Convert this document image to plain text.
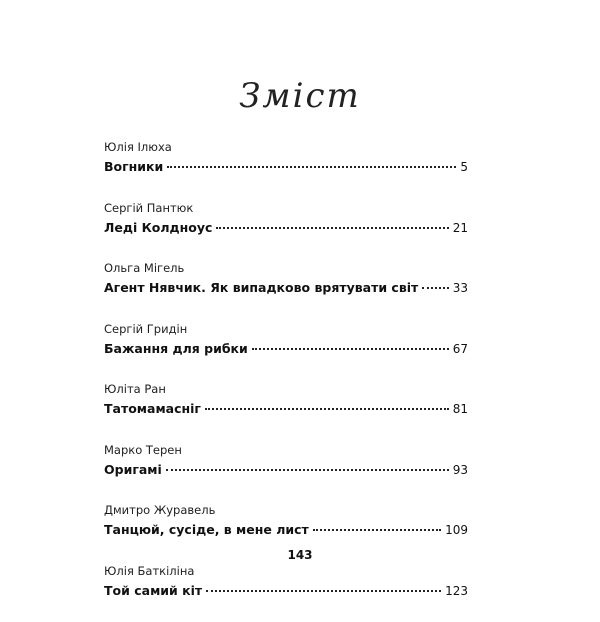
Зміст
Юлія Ілюха
Вогники	5
Сергій Пантюк
Леді Колдноус	21
Ольга Мігель
Агент Нявчик. Як випадково врятувати світ	33
Сергій Гридін
Бажання для рибки	67
Юліта Ран
Татомамасніг	81
Марко Терен
Оригамі	93
Дмитро Журавель
Танцюй, сусіде, в мене лист	109
Юлія Баткіліна
Той самий кіт	123
143
